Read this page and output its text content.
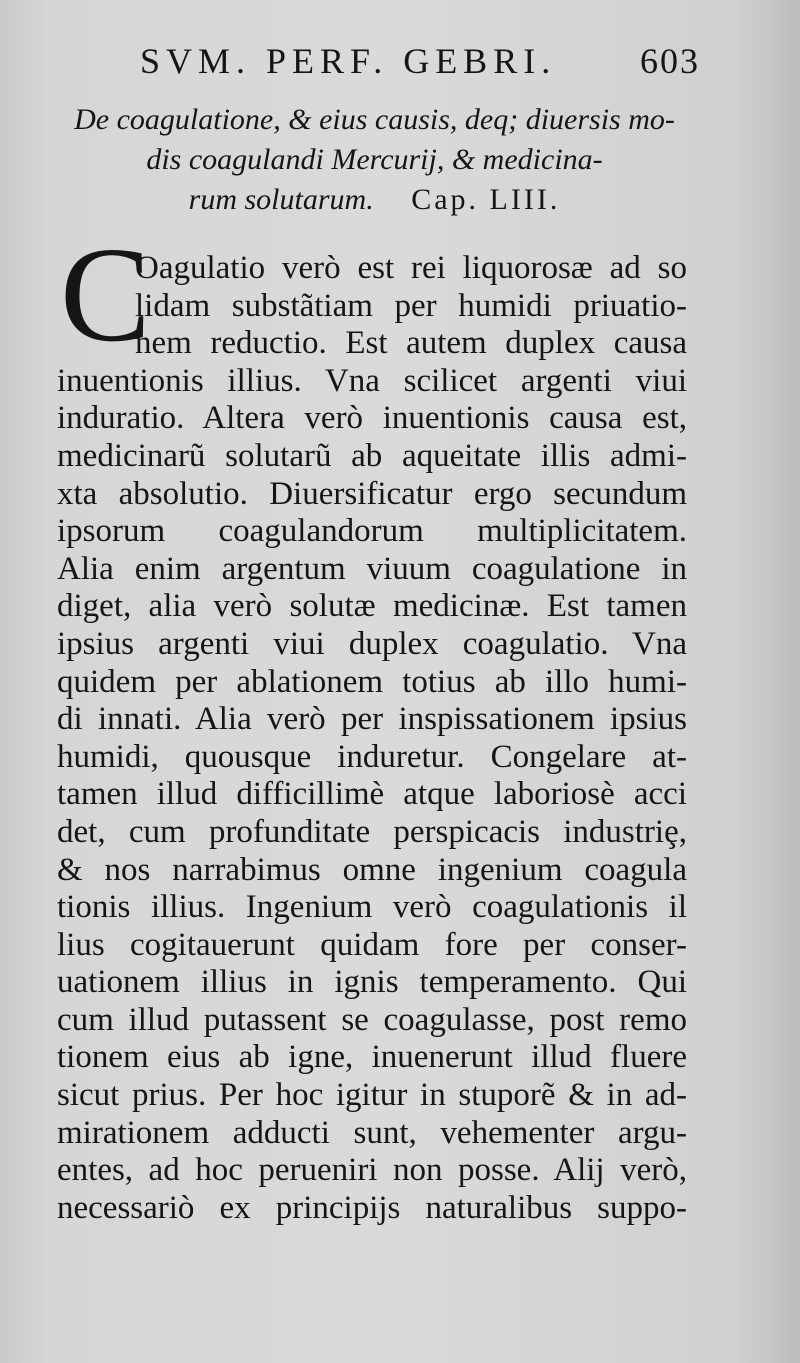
ﾠ
SVM. PERF. GEBRI. 603
De coagulatione, & eius causis, deq; diuersis mo-
dis coagulandi Mercurij, & medicina-
rum solutarum. Cap. LIII.
C
Oagulatio verò est rei liquorosæ ad so
lidam substãtiam per humidi priuatio-
nem reductio. Est autem duplex causa
inuentionis illius. Vna scilicet argenti viui
induratio. Altera verò inuentionis causa est,
medicinarũ solutarũ ab aqueitate illis admi-
xta absolutio. Diuersificatur ergo secundum
ipsorum coagulandorum multiplicitatem.
Alia enim argentum viuum coagulatione in
diget, alia verò solutæ medicinæ. Est tamen
ipsius argenti viui duplex coagulatio. Vna
quidem per ablationem totius ab illo humi-
di innati. Alia verò per inspissationem ipsius
humidi, quousque induretur. Congelare at-
tamen illud difficillimè atque laboriosè acci
det, cum profunditate perspicacis industriȩ,
& nos narrabimus omne ingenium coagula
tionis illius. Ingenium verò coagulationis il
lius cogitauerunt quidam fore per conser-
uationem illius in ignis temperamento. Qui
cum illud putassent se coagulasse, post remo
tionem eius ab igne, inuenerunt illud fluere
sicut prius. Per hoc igitur in stuporẽ & in ad-
mirationem adducti sunt, vehementer argu-
entes, ad hoc perueniri non posse. Alij verò,
necessariò ex principijs naturalibus suppo-
